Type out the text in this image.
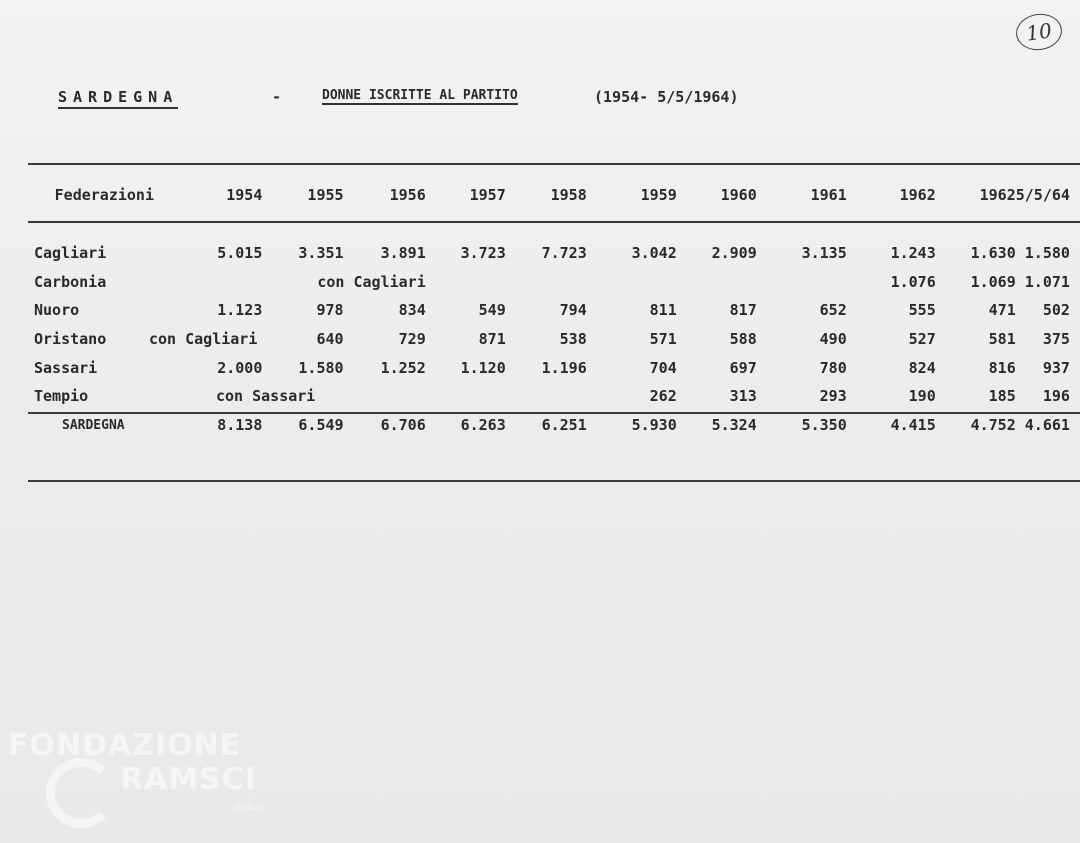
10
SARDEGNA	-	DONNE ISCRITTE AL PARTITO	(1954- 5/5/1964)
Federazioni	1954	1955	1956	1957	1958	1959	1960	1961	1962	1962	5/5/64

Cagliari	5.015	3.351	3.891	3.723	7.723	3.042	2.909	3.135	1.243	1.630	1.580
Carbonia		con Cagliari							1.076	1.069	1.071
Nuoro	1.123	978	834	549	794	811	817	652	555	471	502
Oristano	con Cagliari	640	729	871	538	571	588	490	527	581	375
Sassari	2.000	1.580	1.252	1.120	1.196	704	697	780	824	816	937
Tempio	con Sassari					262	313	293	190	185	196
SARDEGNA	8.138	6.549	6.706	6.263	6.251	5.930	5.324	5.350	4.415	4.752	4.661
FONDAZIONE
RAMSCI
onlus
